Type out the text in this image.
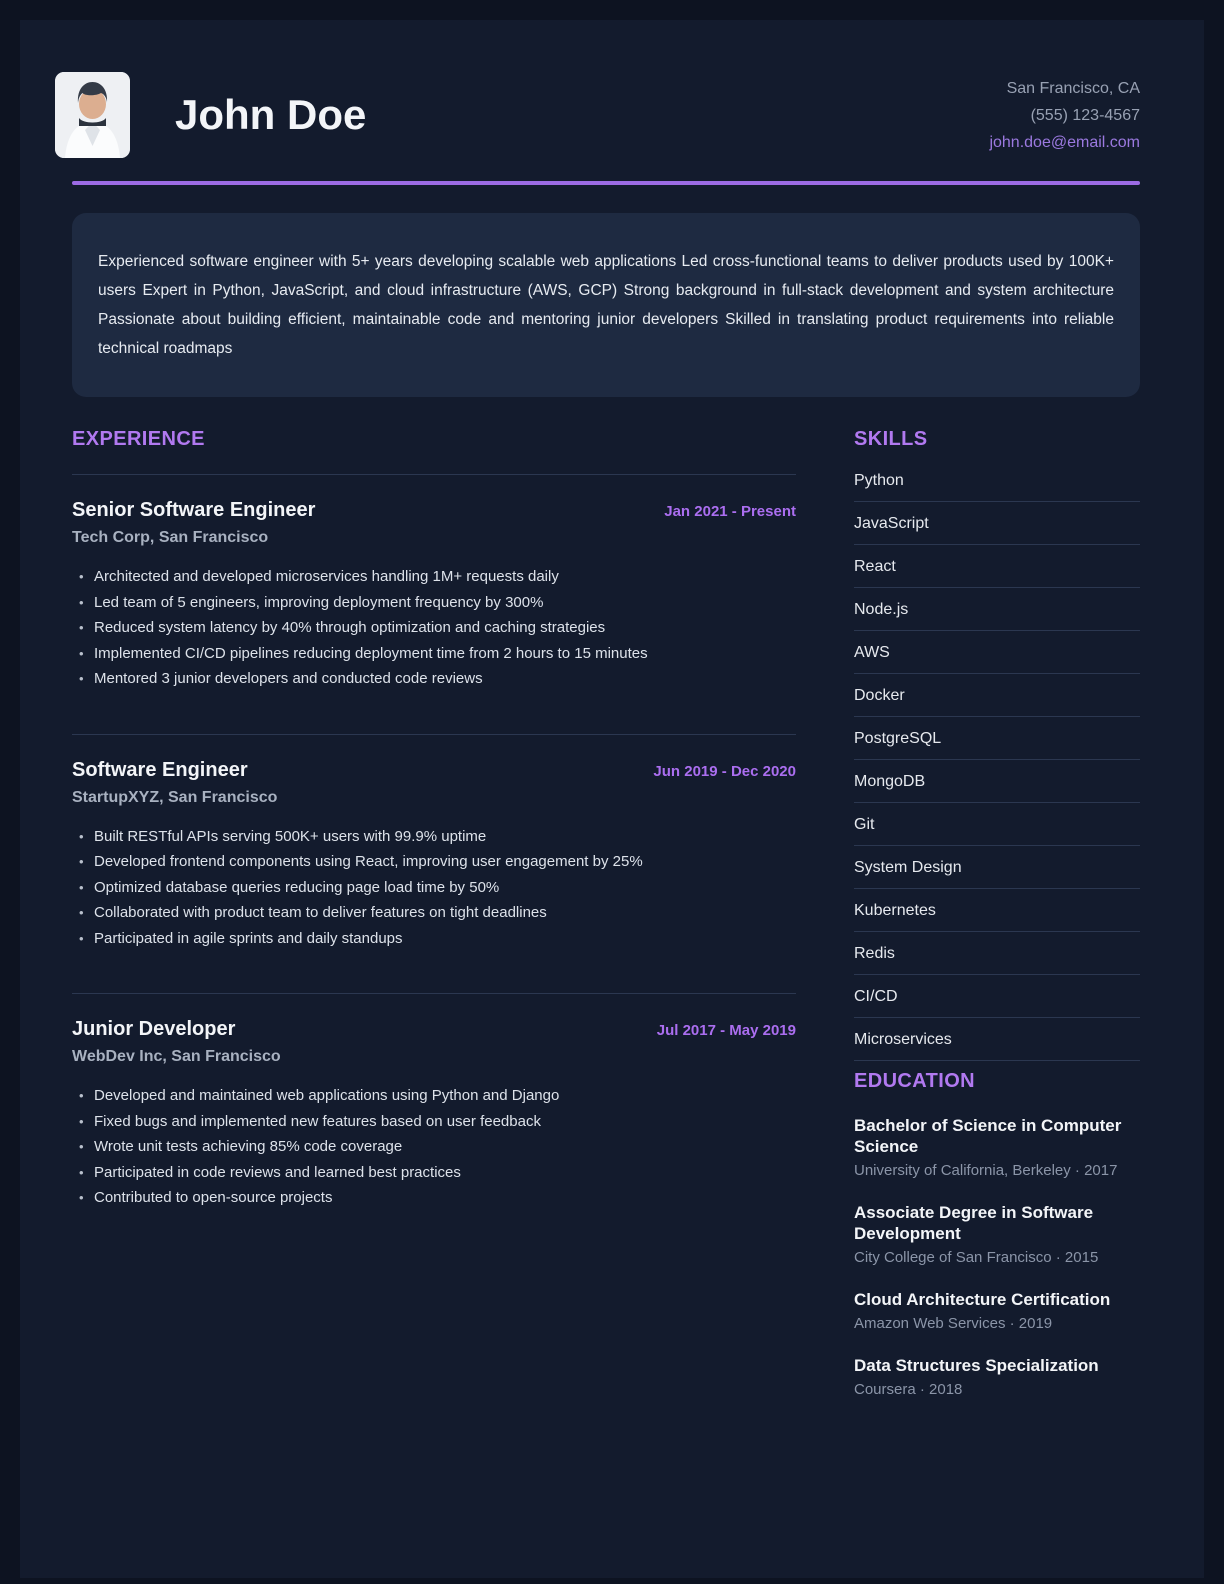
John Doe
San Francisco, CA
(555) 123-4567
john.doe@email.com

Experienced software engineer with 5+ years developing scalable web applications Led cross-functional teams to deliver products used by 100K+ users Expert in Python, JavaScript, and cloud infrastructure (AWS, GCP) Strong background in full-stack development and system architecture Passionate about building efficient, maintainable code and mentoring junior developers Skilled in translating product requirements into reliable technical roadmaps

EXPERIENCE
Senior Software Engineer	Jan 2021 - Present
Tech Corp, San Francisco
• Architected and developed microservices handling 1M+ requests daily
• Led team of 5 engineers, improving deployment frequency by 300%
• Reduced system latency by 40% through optimization and caching strategies
• Implemented CI/CD pipelines reducing deployment time from 2 hours to 15 minutes
• Mentored 3 junior developers and conducted code reviews
Software Engineer	Jun 2019 - Dec 2020
StartupXYZ, San Francisco
• Built RESTful APIs serving 500K+ users with 99.9% uptime
• Developed frontend components using React, improving user engagement by 25%
• Optimized database queries reducing page load time by 50%
• Collaborated with product team to deliver features on tight deadlines
• Participated in agile sprints and daily standups
Junior Developer	Jul 2017 - May 2019
WebDev Inc, San Francisco
• Developed and maintained web applications using Python and Django
• Fixed bugs and implemented new features based on user feedback
• Wrote unit tests achieving 85% code coverage
• Participated in code reviews and learned best practices
• Contributed to open-source projects
SKILLS
Python
JavaScript
React
Node.js
AWS
Docker
PostgreSQL
MongoDB
Git
System Design
Kubernetes
Redis
CI/CD
Microservices
EDUCATION
Bachelor of Science in Computer Science
University of California, Berkeley · 2017
Associate Degree in Software Development
City College of San Francisco · 2015
Cloud Architecture Certification
Amazon Web Services · 2019
Data Structures Specialization
Coursera · 2018
